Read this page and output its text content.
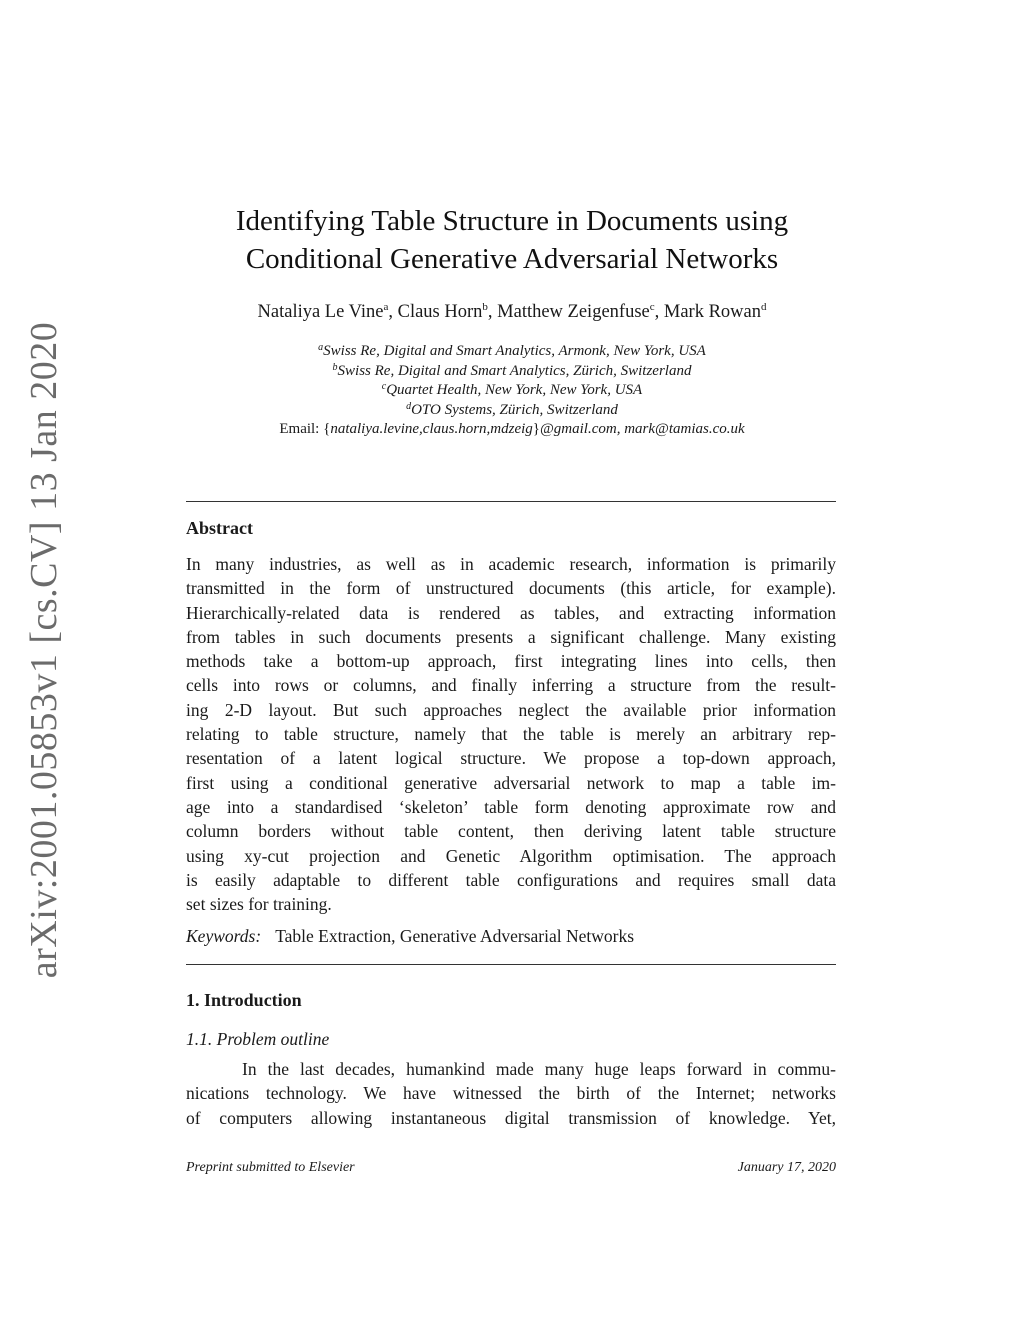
arXiv:2001.05853v1 [cs.CV] 13 Jan 2020
Identifying Table Structure in Documents using
Conditional Generative Adversarial Networks
Nataliya Le Vine$^a$, Claus Horn$^b$, Matthew Zeigenfuse$^c$, Mark Rowan$^d$
$^a$Swiss Re, Digital and Smart Analytics, Armonk, New York, USA
$^b$Swiss Re, Digital and Smart Analytics, Zürich, Switzerland
$^c$Quartet Health, New York, New York, USA
$^d$OTO Systems, Zürich, Switzerland
Email: {nataliya.levine,claus.horn,mdzeig}@gmail.com, mark@tamias.co.uk
Abstract
In many industries, as well as in academic research, information is primarily
transmitted in the form of unstructured documents (this article, for example).
Hierarchically-related data is rendered as tables, and extracting information
from tables in such documents presents a significant challenge. Many existing
methods take a bottom-up approach, first integrating lines into cells, then
cells into rows or columns, and finally inferring a structure from the result-
ing 2-D layout. But such approaches neglect the available prior information
relating to table structure, namely that the table is merely an arbitrary rep-
resentation of a latent logical structure. We propose a top-down approach,
first using a conditional generative adversarial network to map a table im-
age into a standardised ‘skeleton’ table form denoting approximate row and
column borders without table content, then deriving latent table structure
using xy-cut projection and Genetic Algorithm optimisation. The approach
is easily adaptable to different table configurations and requires small data
set sizes for training.
Keywords: Table Extraction, Generative Adversarial Networks
1. Introduction
1.1. Problem outline
In the last decades, humankind made many huge leaps forward in commu-
nications technology. We have witnessed the birth of the Internet; networks
of computers allowing instantaneous digital transmission of knowledge. Yet,
Preprint submitted to Elsevier	January 17, 2020
